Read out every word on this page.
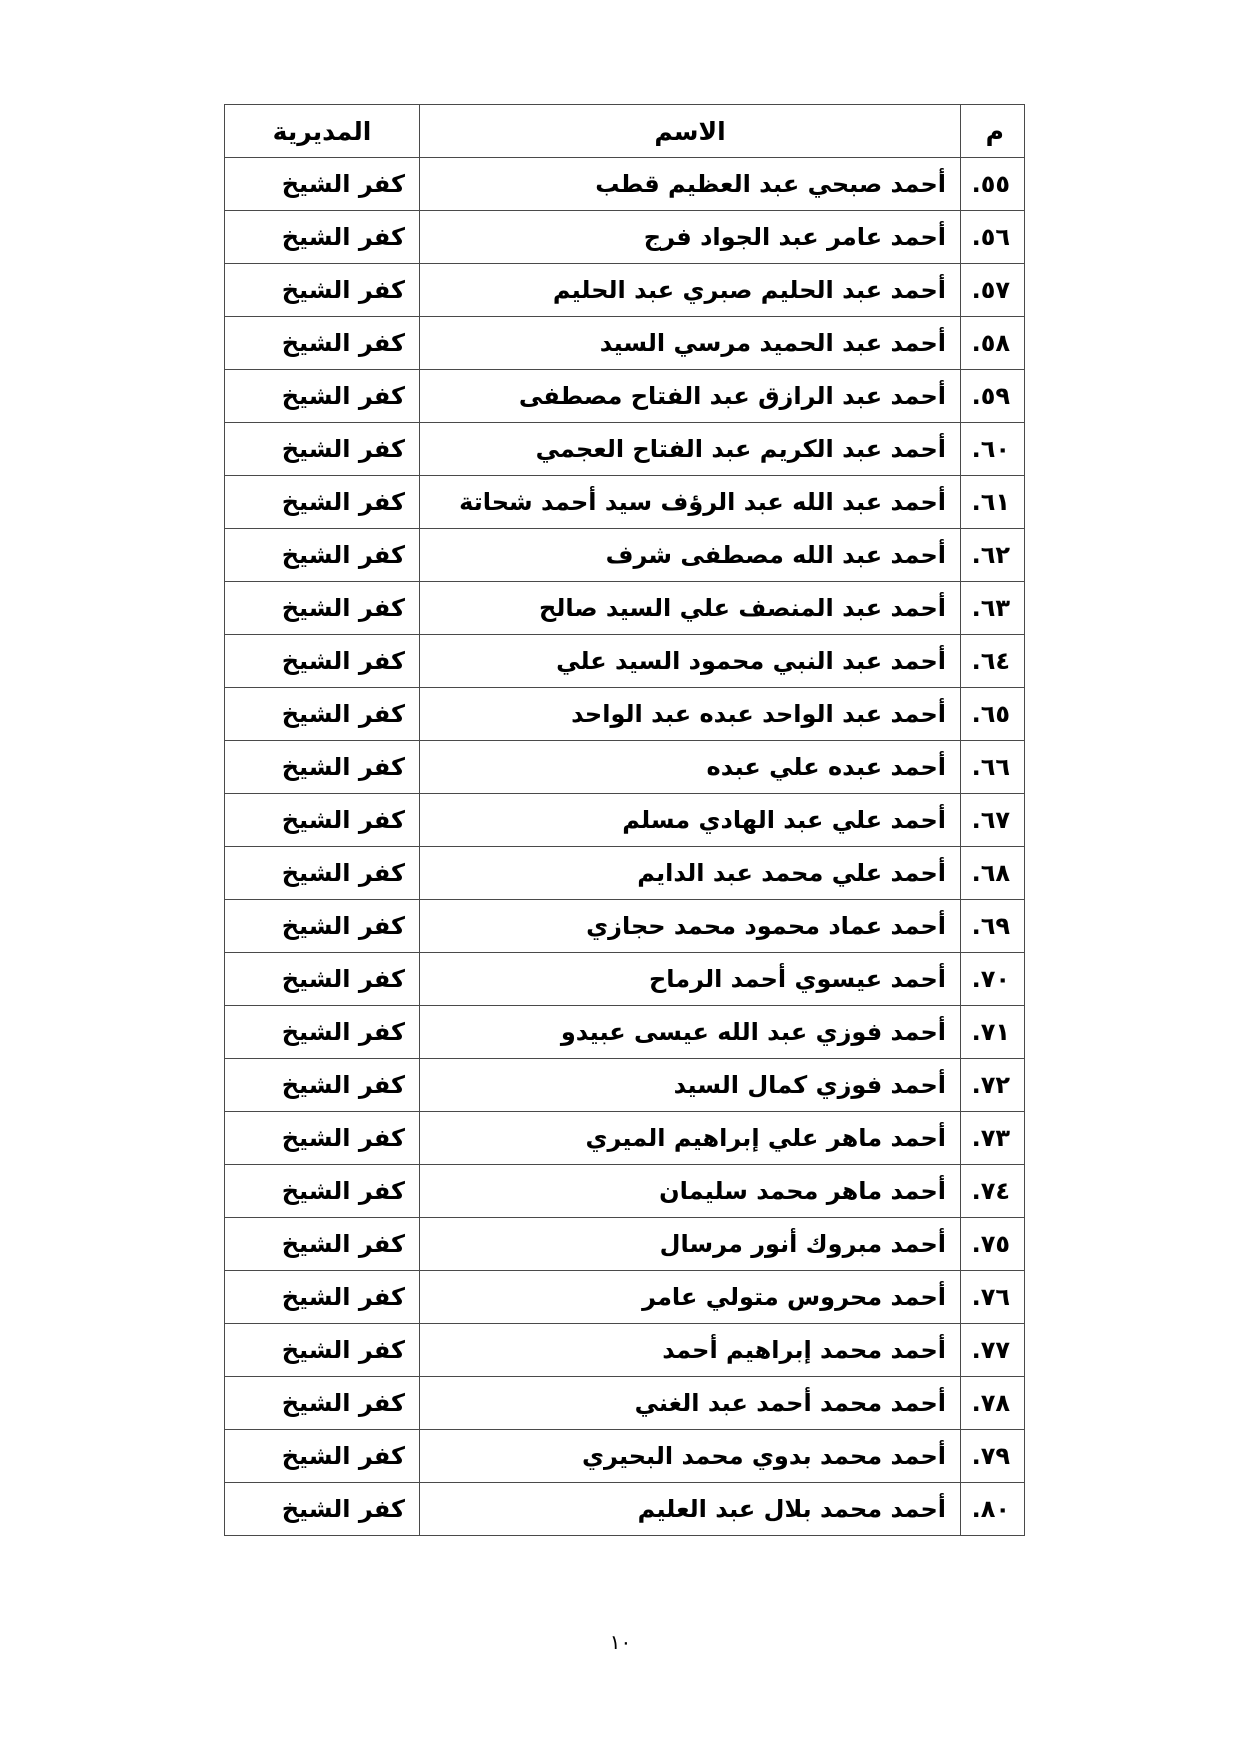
م	الاسم	المديرية
٥٥.	أحمد صبحي عبد العظيم قطب	كفر الشيخ
٥٦.	أحمد عامر عبد الجواد فرج	كفر الشيخ
٥٧.	أحمد عبد الحليم صبري عبد الحليم	كفر الشيخ
٥٨.	أحمد عبد الحميد مرسي السيد	كفر الشيخ
٥٩.	أحمد عبد الرازق عبد الفتاح مصطفى	كفر الشيخ
٦٠.	أحمد عبد الكريم عبد الفتاح العجمي	كفر الشيخ
٦١.	أحمد عبد الله عبد الرؤف سيد أحمد شحاتة	كفر الشيخ
٦٢.	أحمد عبد الله مصطفى شرف	كفر الشيخ
٦٣.	أحمد عبد المنصف علي السيد صالح	كفر الشيخ
٦٤.	أحمد عبد النبي محمود السيد علي	كفر الشيخ
٦٥.	أحمد عبد الواحد عبده عبد الواحد	كفر الشيخ
٦٦.	أحمد عبده علي عبده	كفر الشيخ
٦٧.	أحمد علي عبد الهادي مسلم	كفر الشيخ
٦٨.	أحمد علي محمد عبد الدايم	كفر الشيخ
٦٩.	أحمد عماد محمود محمد حجازي	كفر الشيخ
٧٠.	أحمد عيسوي أحمد الرماح	كفر الشيخ
٧١.	أحمد فوزي عبد الله عيسى عبيدو	كفر الشيخ
٧٢.	أحمد فوزي كمال السيد	كفر الشيخ
٧٣.	أحمد ماهر علي إبراهيم الميري	كفر الشيخ
٧٤.	أحمد ماهر محمد سليمان	كفر الشيخ
٧٥.	أحمد مبروك أنور مرسال	كفر الشيخ
٧٦.	أحمد محروس متولي عامر	كفر الشيخ
٧٧.	أحمد محمد إبراهيم أحمد	كفر الشيخ
٧٨.	أحمد محمد أحمد عبد الغني	كفر الشيخ
٧٩.	أحمد محمد بدوي محمد البحيري	كفر الشيخ
٨٠.	أحمد محمد بلال عبد العليم	كفر الشيخ
١٠
